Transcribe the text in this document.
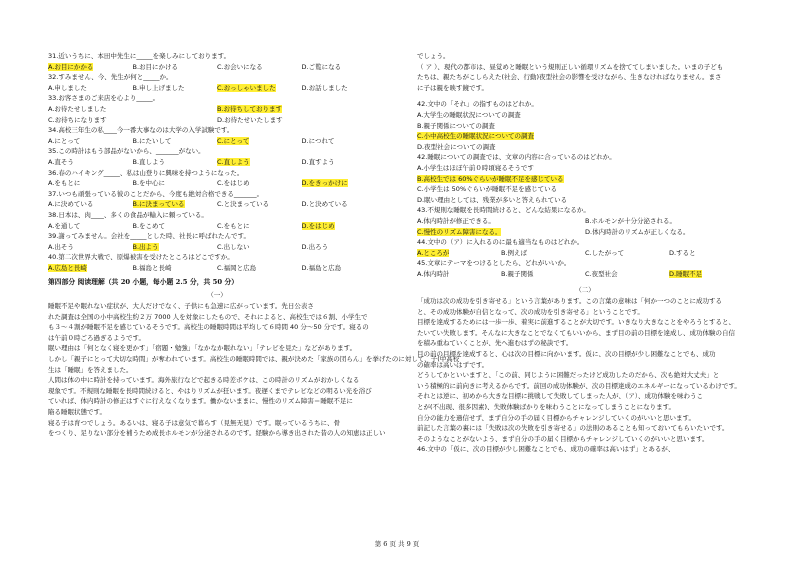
31.近いうちに、本田中先生に_____を楽しみにしております。
A.お目にかかる	B.お目にかける	C.お会いになる	D.ご覧になる
32.すみません、今、先生が何と_____か。
A.申しました	B.申し上げました	C.おっしゃいました	D.お話しました
33.お客さまのご来店を心より_____。
A.お待たせしました	B.お待ちしております
C.お待ちになります	D.お待たせいたします
34.高校三年生の私____今一番大事なのは大学の入学試験です。
A.にとって	B.にたいして	C.にとって	D.につれて
35.この時計はもう部品がないから、_______がない。
A.直そう	B.直しよう	C.直しよう	D.直すよう
36.春のハイキング_____、私は山登りに興味を持つようになった。
A.をもとに	B.を中心に	C.をはじめ	D.をきっかけに
37.いつも頑張っている彼のことだから、今度も絶対合格できる_______。
A.に決めている	B.に決まっている	C.と決まっている	D.と決めている
38.日本は、肉____、多くの食品が輸入に頼っている。
A.を通して	B.をこめて	C.をもとに	D.をはじめ
39.謝ってみません。会社を_____とした時、社長に呼ばれたんです。
A.出そう	B.出よう	C.出しない	D.出ろう
40.第二次世界大戦で、原爆被害を受けたところはどこですか。
A.広島と長崎	B.福島と長崎	C.福岡と広島	D.福島と広島
第四部分 阅读理解（共 20 小题，每小题 2.5 分，共 50 分）
（一）
睡眠不足や眠れない症状が、大人だけでなく、子供にも急速に広がっています。先日公表さ
れた調査は全国の小中高校生約２万 7000 人を対象にしたもので、それによると、高校生では６割、小学生で
も３～４割が睡眠不足を感じているそうです。高校生の睡眠時間は平均して６時間 40 分～50 分です。寝るの
は午前０時ごろ過ぎるようです。
眠い理由は「何となく寝を更かす」「宿題・勉強」「なかなか眠れない」「テレビを見た」などがあります。
しかし「親子にとって大切な時間」が奪われています。高校生の睡眠時間では、親が決めた「家族の団らん」を挙げたのに対して、子(中高校
生は「睡眠」を答えました。
人間は体の中に時計を持っています。海外旅行などで起きる時差ボケは、この時計のリズムがおかしくなる
現象です。不規則な睡眠を長時間続けると、やはりリズムが狂います。夜遅くまでテレビなどの明るい光を浴び
ていれば、体内時計の修正はすぐに行えなくなります。働かないままに、慢性のリズム障害＝睡眠不足に
陥る睡眠状態です。
寝る子は育つでしょう。あるいは、寝る子は意気で暮らす（見無无見）です。眠っているうちに、骨
をつくり、足りない部分を補うため成長ホルモンが分泌されるのです。経験から導き出された昔の人の知恵は正しい
でしょう。
（ ア ）、現代の都市は、昼覚めと睡眠という規則正しい循環リズムを捨ててしまいました。いまの子ども
たちは、親たちがこしらえた(社会、行動)夜型社会の影響を受けながら、生きなければなりません。まさ
に子は親を映す鏡です。
42.文中の「それ」の指すものはどれか。
A.大学生の睡眠状況についての調査
B.親子関係についての調査
C.小中高校生の睡眠状況についての調査
D.夜型社会についての調査
42.睡眠についての調査では、文章の内容に合っているのはどれか。
A.小学生はほぼ午前０時頃寝るそうです
B.高校生では 60%ぐらいが睡眠不足を感じている
C.小学生は 50%ぐらいが睡眠不足を感じている
D.眠い理由としては、残業が多いと答えられている
43.不規則な睡眠を長時間続けると、どんな結果になるか。
A.体内時計が修正できる。	B.ホルモンが十分分泌される。
C.慢性のリズム障害になる。	D.体内時計のリズムが正しくなる。
44.文中の（ア）に入れるのに最も適当なものはどれか。
A.ところが	B.例えば	C.したがって	D.すると
45.文章にテーマをつけるとしたら、どれがいいか。
A.体内時計	B.親子関係	C.夜型社会	D.睡眠不足
（二）
「成功は次の成功を引き寄せる」という言葉があります。この言葉の意味は「何か一つのことに成功する
と、その成功体験が自信となって、次の成功を引き寄せる」ということです。
目標を達成するためには一歩一歩、着実に前進することが大切です。いきなり大きなことをやろうとすると、
たいてい失敗します。そんなに大きなことでなくてもいいから、まず目の前の目標を達成し、成功体験の自信
を積み重ねていくことが、先へ進むはずの秘訣です。
目の前の目標を達成すると、心は次の目標に向かいます。仮に、次の目標が少し困難なことでも、成功
の確率は高いはずです。
どうしてかといいますと、「この前、同じように困難だったけど成功したのだから、次も絶対大丈夫」と
いう積極的に前向きに考えるからです。前回の成功体験が、次の目標達成のエネルギーになっているわけです。
それとは逆に、初めから大きな目標に挑戦して失敗してしまった人が、（ア）、成功体験を味わうこ
とが(不出现、很多因素)、失敗体験ばかりを味わうことになってしまうことになります。
自分の能力を過信せず、まず自分の手の届く目標からチャレンジしていくのがいいと思います。
前記した言葉の裏には「失敗は次の失敗を引き寄せる」の法則のあることも知っておいてもらいたいです。
そのようなことがないよう、まず自分の手の届く目標からチャレンジしていくのがいいと思います。
46.文中の「仮に、次の目標が少し困難なことでも、成功の確率は高いはず」とあるが、
第 6 页 共 9 页
